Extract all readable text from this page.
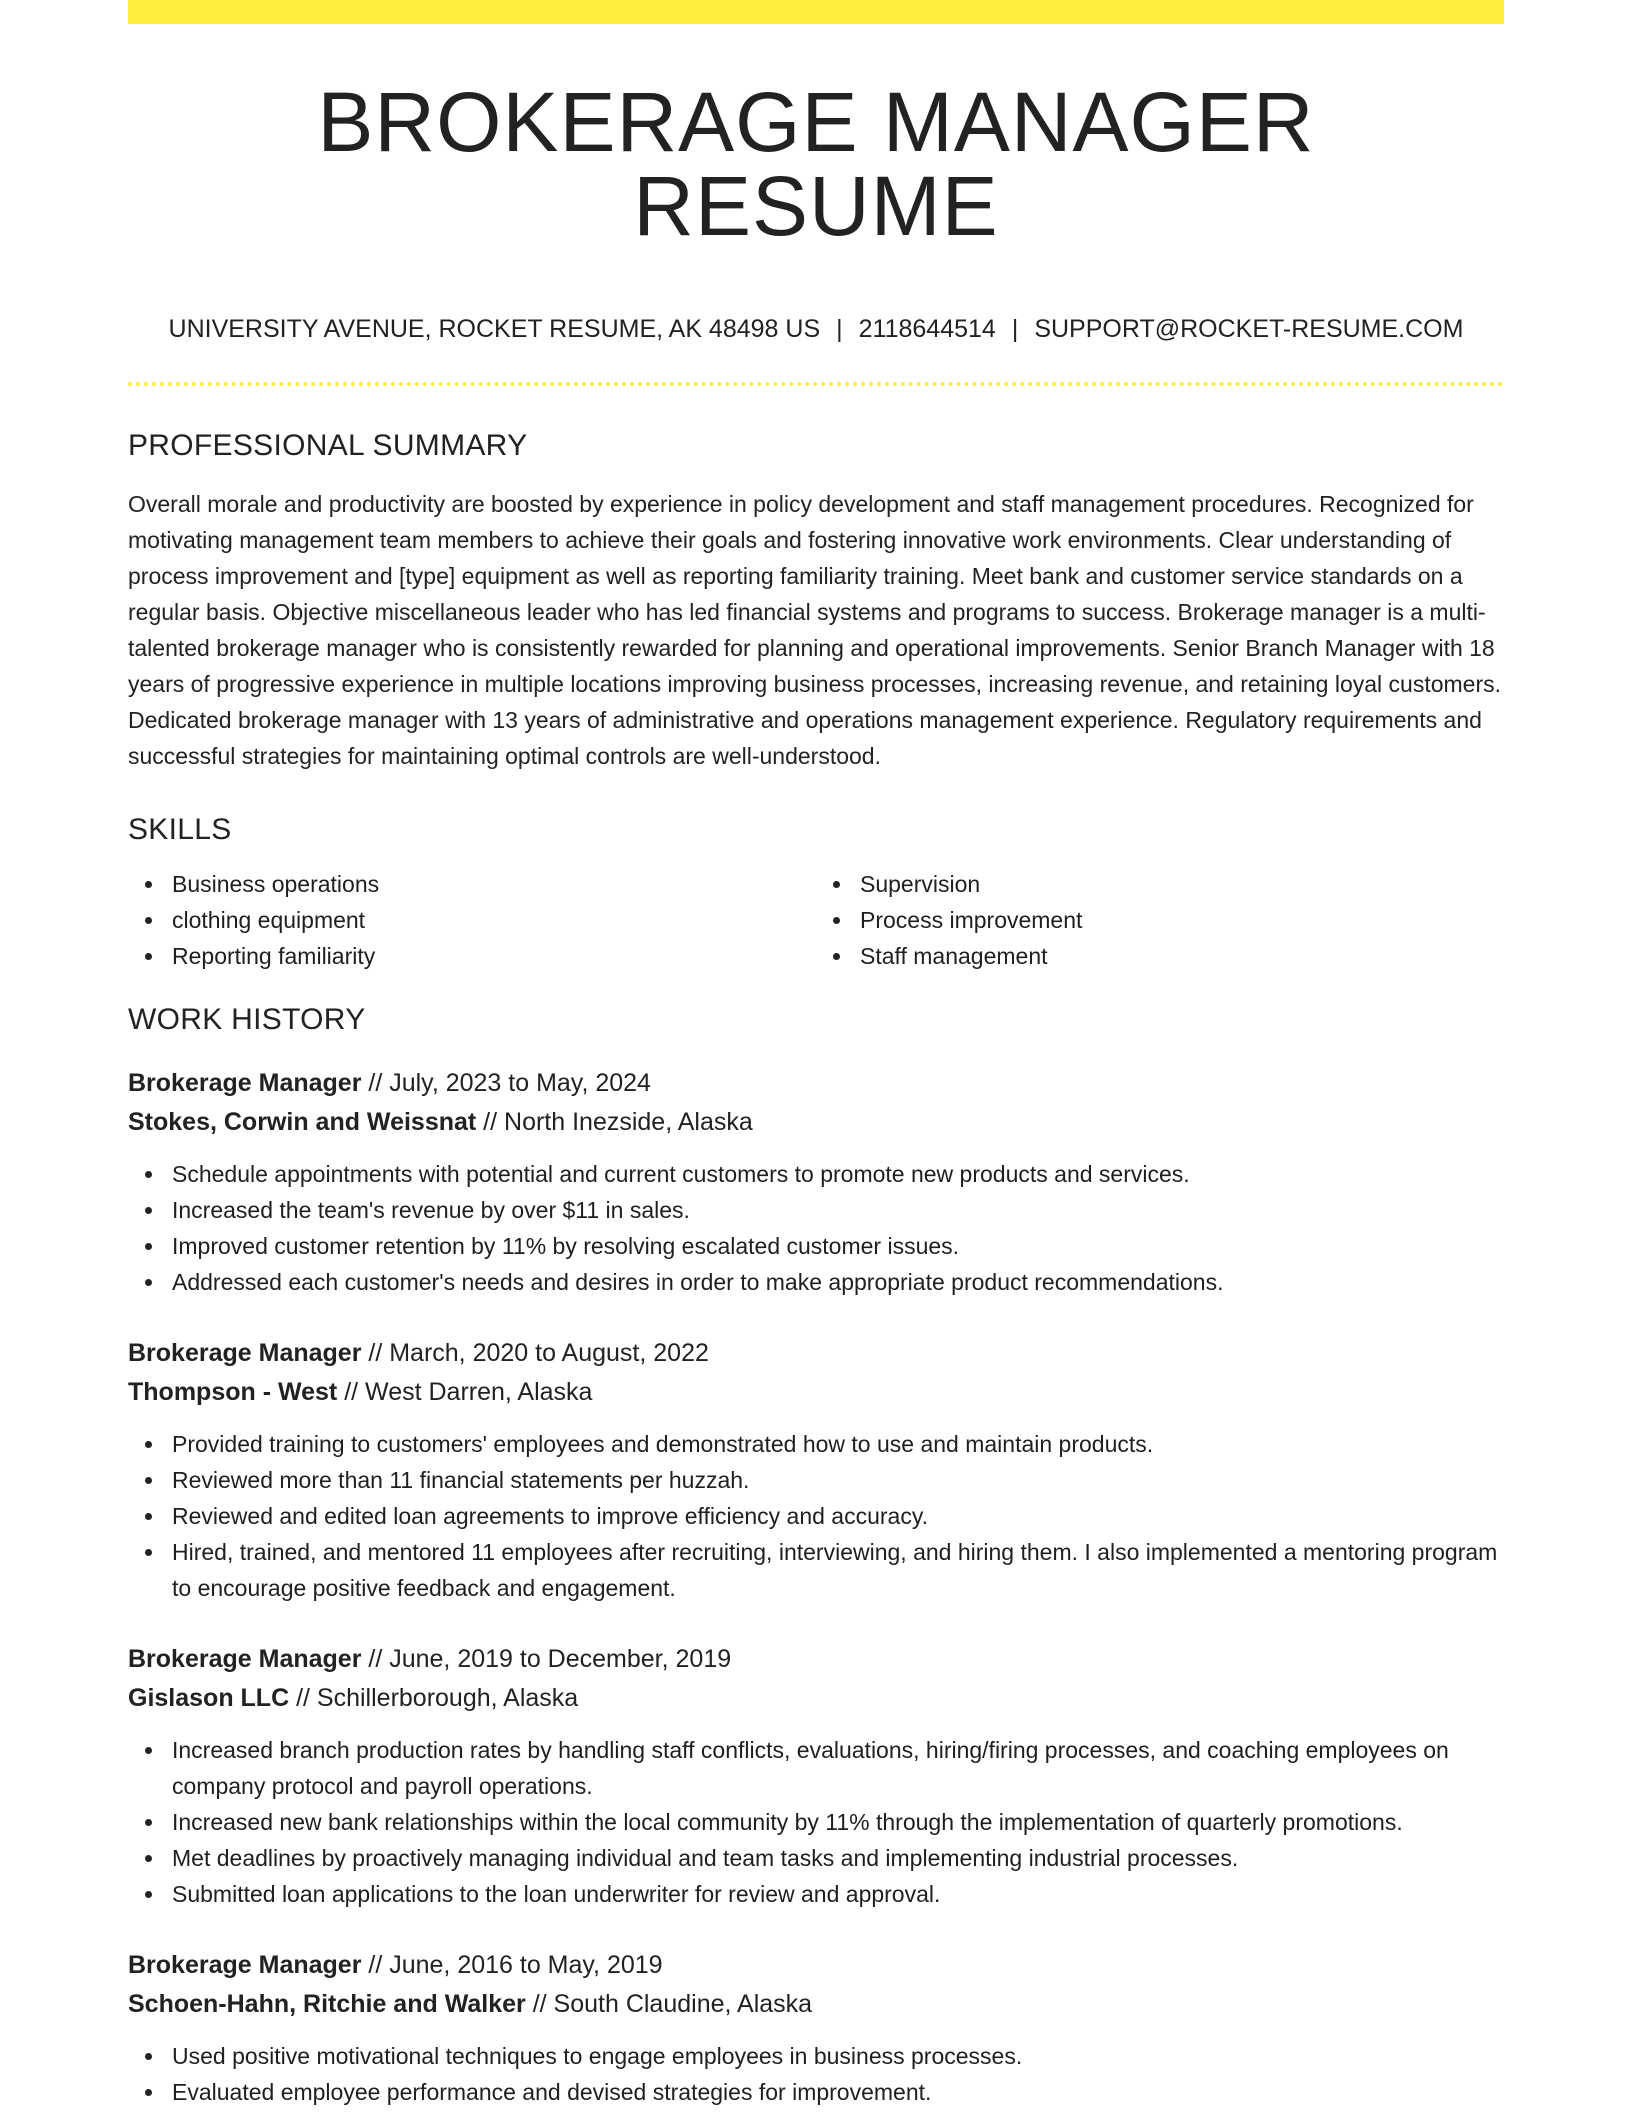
BROKERAGE MANAGER RESUME
UNIVERSITY AVENUE, ROCKET RESUME, AK 48498 US | 2118644514 | SUPPORT@ROCKET-RESUME.COM
PROFESSIONAL SUMMARY
Overall morale and productivity are boosted by experience in policy development and staff management procedures. Recognized for motivating management team members to achieve their goals and fostering innovative work environments. Clear understanding of process improvement and [type] equipment as well as reporting familiarity training. Meet bank and customer service standards on a regular basis. Objective miscellaneous leader who has led financial systems and programs to success. Brokerage manager is a multi-talented brokerage manager who is consistently rewarded for planning and operational improvements. Senior Branch Manager with 18 years of progressive experience in multiple locations improving business processes, increasing revenue, and retaining loyal customers. Dedicated brokerage manager with 13 years of administrative and operations management experience. Regulatory requirements and successful strategies for maintaining optimal controls are well-understood.
SKILLS
Business operations
clothing equipment
Reporting familiarity
Supervision
Process improvement
Staff management
WORK HISTORY
Brokerage Manager // July, 2023 to May, 2024
Stokes, Corwin and Weissnat // North Inezside, Alaska
Schedule appointments with potential and current customers to promote new products and services.
Increased the team's revenue by over $11 in sales.
Improved customer retention by 11% by resolving escalated customer issues.
Addressed each customer's needs and desires in order to make appropriate product recommendations.
Brokerage Manager // March, 2020 to August, 2022
Thompson - West // West Darren, Alaska
Provided training to customers' employees and demonstrated how to use and maintain products.
Reviewed more than 11 financial statements per huzzah.
Reviewed and edited loan agreements to improve efficiency and accuracy.
Hired, trained, and mentored 11 employees after recruiting, interviewing, and hiring them. I also implemented a mentoring program to encourage positive feedback and engagement.
Brokerage Manager // June, 2019 to December, 2019
Gislason LLC // Schillerborough, Alaska
Increased branch production rates by handling staff conflicts, evaluations, hiring/firing processes, and coaching employees on company protocol and payroll operations.
Increased new bank relationships within the local community by 11% through the implementation of quarterly promotions.
Met deadlines by proactively managing individual and team tasks and implementing industrial processes.
Submitted loan applications to the loan underwriter for review and approval.
Brokerage Manager // June, 2016 to May, 2019
Schoen-Hahn, Ritchie and Walker // South Claudine, Alaska
Used positive motivational techniques to engage employees in business processes.
Evaluated employee performance and devised strategies for improvement.
